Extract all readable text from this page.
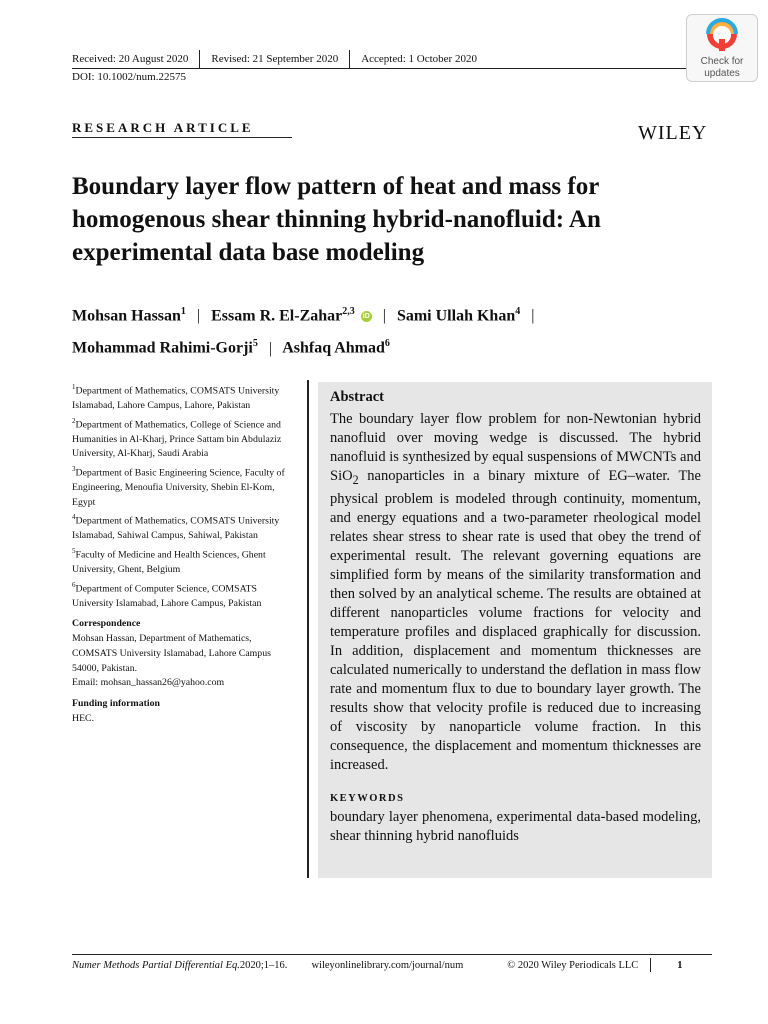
Received: 20 August 2020 Revised: 21 September 2020 Accepted: 1 October 2020
DOI: 10.1002/num.22575
Check for
updates
RESEARCH ARTICLE	WILEY
Boundary layer flow pattern of heat and mass for homogenous shear thinning hybrid-nanofluid: An experimental data base modeling
Mohsan Hassan$^1$ | Essam R. El-Zahar$^{2,3}$ iD | Sami Ullah Khan$^4$ |
Mohammad Rahimi-Gorji$^5$ | Ashfaq Ahmad$^6$

$^1$Department of Mathematics, COMSATS University Islamabad, Lahore Campus, Lahore, Pakistan

$^2$Department of Mathematics, College of Science and Humanities in Al-Kharj, Prince Sattam bin Abdulaziz University, Al-Kharj, Saudi Arabia

$^3$Department of Basic Engineering Science, Faculty of Engineering, Menoufia University, Shebin El-Kom, Egypt

$^4$Department of Mathematics, COMSATS University Islamabad, Sahiwal Campus, Sahiwal, Pakistan

$^5$Faculty of Medicine and Health Sciences, Ghent University, Ghent, Belgium

$^6$Department of Computer Science, COMSATS University Islamabad, Lahore Campus, Pakistan

Correspondence

Mohsan Hassan, Department of Mathematics, COMSATS University Islamabad, Lahore Campus 54000, Pakistan.

Email: mohsan_hassan26@yahoo.com

Funding information

HEC.

Abstract
The boundary layer flow problem for non-Newtonian hybrid nanofluid over moving wedge is discussed. The hybrid nanofluid is synthesized by equal suspensions of MWCNTs and SiO$_2$ nanoparticles in a binary mixture of EG–water. The physical problem is modeled through continuity, momentum, and energy equations and a two-parameter rheological model relates shear stress to shear rate is used that obey the trend of experimental result. The relevant governing equations are simplified form by means of the similarity transformation and then solved by an analytical scheme. The results are obtained at different nanoparticles volume fractions for velocity and temperature profiles and displaced graphically for discussion. In addition, displacement and momentum thicknesses are calculated numerically to understand the deflation in mass flow rate and momentum flux to due to boundary layer growth. The results show that velocity profile is reduced due to increasing of viscosity by nanoparticle volume fraction. In this consequence, the displacement and momentum thicknesses are increased.
KEYWORDS
boundary layer phenomena, experimental data-based modeling, shear thinning hybrid nanofluids
Numer Methods Partial Differential Eq. 2020;1–16. wileyonlinelibrary.com/journal/num	© 2020 Wiley Periodicals LLC	1
